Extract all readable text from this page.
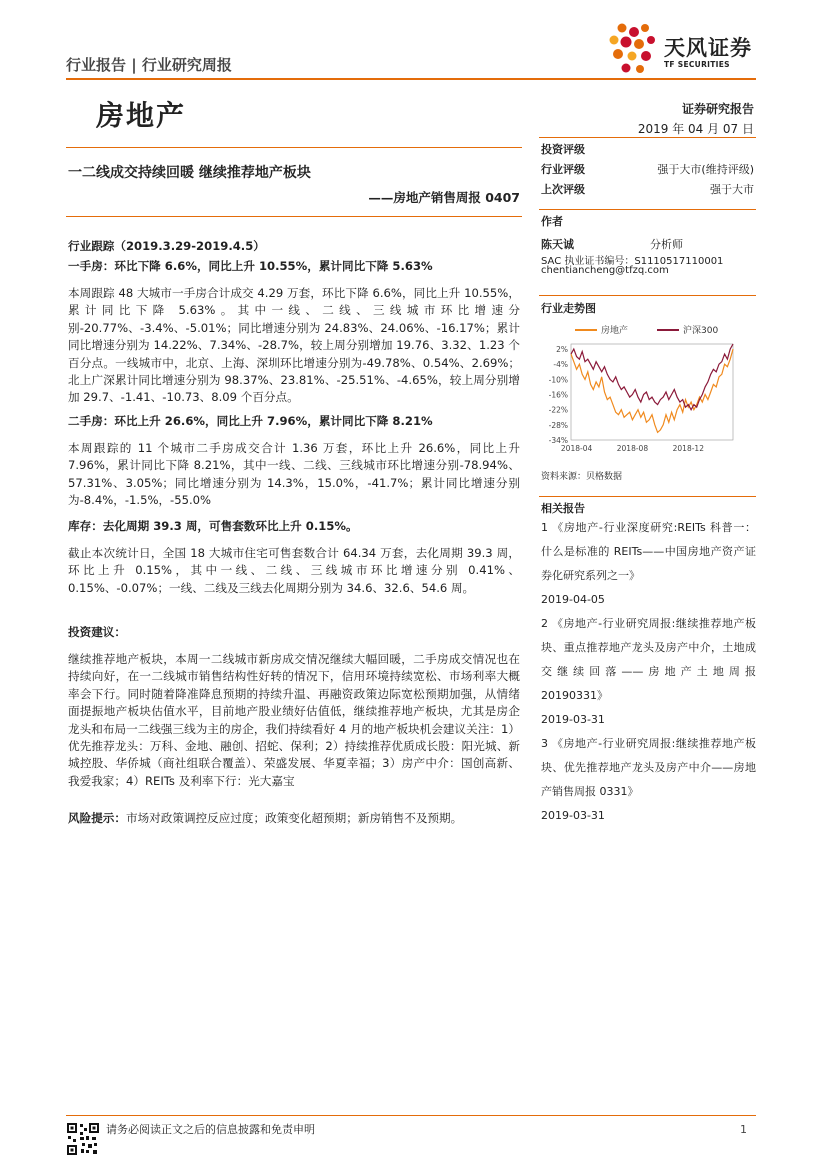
行业报告 | 行业研究周报
天风证券
TF SECURITIES
房地产	证券研究报告
2019 年 04 月 07 日
一二线成交持续回暖 继续推荐地产板块
——房地产销售周报 0407
行业跟踪（2019.3.29-2019.4.5）
一手房：环比下降 6.6%，同比上升 10.55%，累计同比下降 5.63%
本周跟踪 48 大城市一手房合计成交 4.29 万套，环比下降 6.6%，同比上升 10.55%，累计同比下降 5.63%。其中一线、二线、三线城市环比增速分别-20.77%、-3.4%、-5.01%；同比增速分别为 24.83%、24.06%、-16.17%；累计同比增速分别为 14.22%、7.34%、-28.7%，较上周分别增加 19.76、3.32、1.23 个百分点。一线城市中，北京、上海、深圳环比增速分别为-49.78%、0.54%、2.69%；北上广深累计同比增速分别为 98.37%、23.81%、-25.51%、-4.65%，较上周分别增加 29.7、-1.41、-10.73、8.09 个百分点。
二手房：环比上升 26.6%，同比上升 7.96%，累计同比下降 8.21%
本周跟踪的 11 个城市二手房成交合计 1.36 万套，环比上升 26.6%，同比上升 7.96%，累计同比下降 8.21%，其中一线、二线、三线城市环比增速分别-78.94%、57.31%、3.05%；同比增速分别为 14.3%，15.0%，-41.7%；累计同比增速分别为-8.4%，-1.5%，-55.0%
库存：去化周期 39.3 周，可售套数环比上升 0.15%。
截止本次统计日，全国 18 大城市住宅可售套数合计 64.34 万套，去化周期 39.3 周，环比上升 0.15%，其中一线、二线、三线城市环比增速分别 0.41%、0.15%、-0.07%；一线、二线及三线去化周期分别为 34.6、32.6、54.6 周。
投资建议：
继续推荐地产板块，本周一二线城市新房成交情况继续大幅回暖，二手房成交情况也在持续向好，在一二线城市销售结构性好转的情况下，信用环境持续宽松、市场利率大概率会下行。同时随着降准降息预期的持续升温、再融资政策边际宽松预期加强，从情绪面提振地产板块估值水平，目前地产股业绩好估值低，继续推荐地产板块，尤其是房企龙头和布局一二线强三线为主的房企，我们持续看好 4 月的地产板块机会建议关注：1）优先推荐龙头：万科、金地、融创、招蛇、保利；2）持续推荐优质成长股：阳光城、新城控股、华侨城（商社组联合覆盖）、荣盛发展、华夏幸福；3）房产中介：国创高新、我爱我家；4）REITs 及利率下行：光大嘉宝
风险提示：市场对政策调控反应过度；政策变化超预期；新房销售不及预期。
投资评级
行业评级	强于大市(维持评级)
上次评级	强于大市
作者
陈天诚	分析师
SAC 执业证书编号：S1110517110001
chentiancheng@tfzq.com
行业走势图
房地产	沪深300
2%
-4%
-10%
-16%
-22%
-28%
-34%
2018-04	2018-08	2018-12
资料来源：贝格数据
相关报告
1 《房地产-行业深度研究:REITs 科普一：什么是标准的 REITs——中国房地产资产证券化研究系列之一》
2019-04-05
2 《房地产-行业研究周报:继续推荐地产板块、重点推荐地产龙头及房产中介，土地成交继续回落——房地产土地周报 20190331》
2019-03-31
3 《房地产-行业研究周报:继续推荐地产板块、优先推荐地产龙头及房产中介——房地产销售周报 0331》
2019-03-31
请务必阅读正文之后的信息披露和免责申明	1
